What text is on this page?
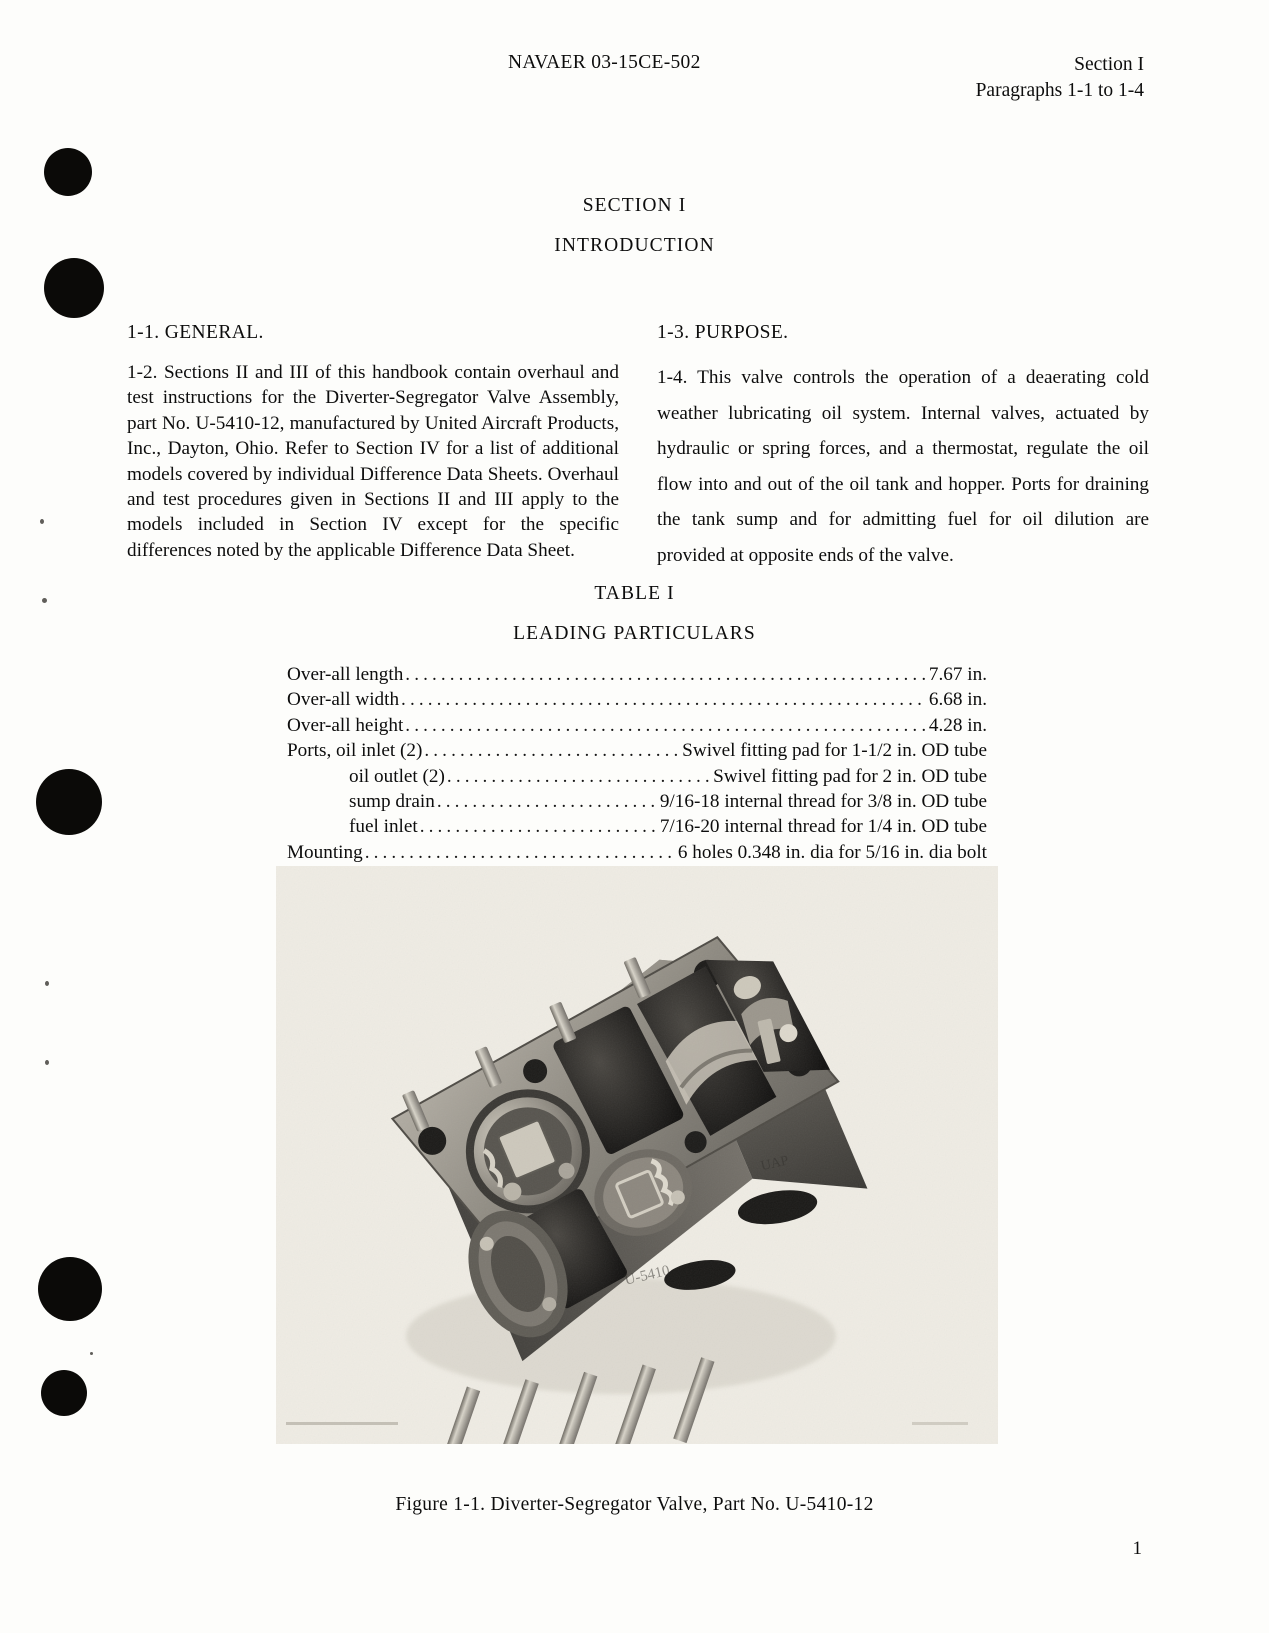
NAVAER 03-15CE-502	Section I
Paragraphs 1-1 to 1-4
SECTION I
INTRODUCTION
1-1. GENERAL.

1-2. Sections II and III of this handbook contain overhaul and test instructions for the Diverter-Segregator Valve Assembly, part No. U-5410-12, manufactured by United Aircraft Products, Inc., Dayton, Ohio. Refer to Section IV for a list of additional models covered by individual Difference Data Sheets. Overhaul and test procedures given in Sections II and III apply to the models included in Section IV except for the specific differences noted by the applicable Difference Data Sheet.

1-3. PURPOSE.

1-4. This valve controls the operation of a deaerating cold weather lubricating oil system. Internal valves, actuated by hydraulic or spring forces, and a thermostat, regulate the oil flow into and out of the oil tank and hopper. Ports for draining the tank sump and for admitting fuel for oil dilution are provided at opposite ends of the valve.

TABLE I
LEADING PARTICULARS
Over-all length .....	7.67 in.
Over-all width .....	6.68 in.
Over-all height .....	4.28 in.
Ports, oil inlet (2) .....	Swivel fitting pad for 1-1/2 in. OD tube
oil outlet (2) .....	Swivel fitting pad for 2 in. OD tube
sump drain .....	9/16-18 internal thread for 3/8 in. OD tube
fuel inlet .....	7/16-20 internal thread for 1/4 in. OD tube
Mounting .....	6 holes 0.348 in. dia for 5/16 in. dia bolt
Figure 1-1. Diverter-Segregator Valve, Part No. U-5410-12
1
